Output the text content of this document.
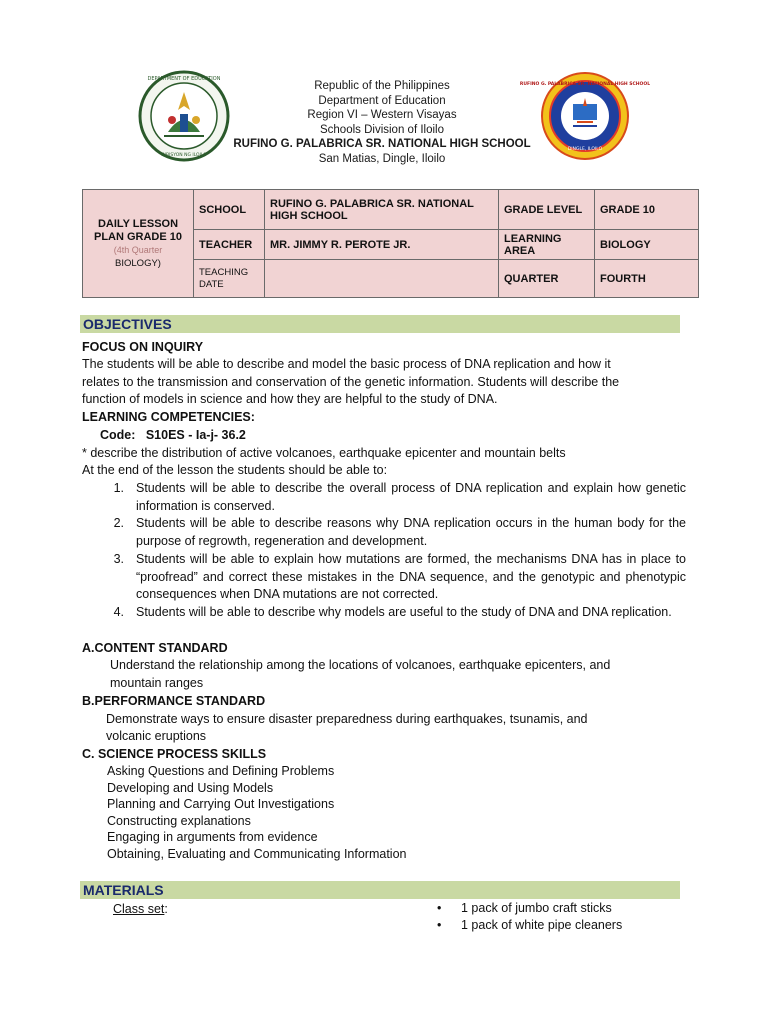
DEPARTMENT OF EDUCATION
DIBISYON NG ILOILO
Republic of the Philippines
Department of Education
Region VI – Western Visayas
Schools Division of Iloilo
RUFINO G. PALABRICA SR. NATIONAL HIGH SCHOOL
San Matias, Dingle, Iloilo
RUFINO G. PALABRICA SR. NATIONAL HIGH SCHOOL
DINGLE, ILOILO
DAILY LESSON PLAN GRADE 10
(4th Quarter
BIOLOGY)	SCHOOL	RUFINO G. PALABRICA SR. NATIONAL HIGH SCHOOL	GRADE LEVEL	GRADE 10
	TEACHER	MR. JIMMY R. PEROTE JR.	LEARNING AREA	BIOLOGY
	TEACHING DATE		QUARTER	FOURTH
OBJECTIVES
FOCUS ON INQUIRY
The students will be able to describe and model the basic process of DNA replication and how it
relates to the transmission and conservation of the genetic information. Students will describe the
function of models in science and how they are helpful to the study of DNA.
LEARNING COMPETENCIES:
Code:   S10ES - Ia-j- 36.2
* describe the distribution of active volcanoes, earthquake epicenter and mountain belts
At the end of the lesson the students should be able to:
1. Students will be able to describe the overall process of DNA replication and explain how genetic information is conserved.
2. Students will be able to describe reasons why DNA replication occurs in the human body for the purpose of regrowth, regeneration and development.
3. Students will be able to explain how mutations are formed, the mechanisms DNA has in place to “proofread” and correct these mistakes in the DNA sequence, and the genotypic and phenotypic consequences when DNA mutations are not corrected.
4. Students will be able to describe why models are useful to the study of DNA and DNA replication.
A.CONTENT STANDARD
Understand the relationship among the locations of volcanoes, earthquake epicenters, and
mountain ranges
B.PERFORMANCE STANDARD
Demonstrate ways to ensure disaster preparedness during earthquakes, tsunamis, and
volcanic eruptions
C. SCIENCE PROCESS SKILLS
Asking Questions and Defining Problems
Developing and Using Models
Planning and Carrying Out Investigations
Constructing explanations
Engaging in arguments from evidence
Obtaining, Evaluating and Communicating Information
MATERIALS
Class set:	• 1 pack of jumbo craft sticks
• 1 pack of white pipe cleaners
